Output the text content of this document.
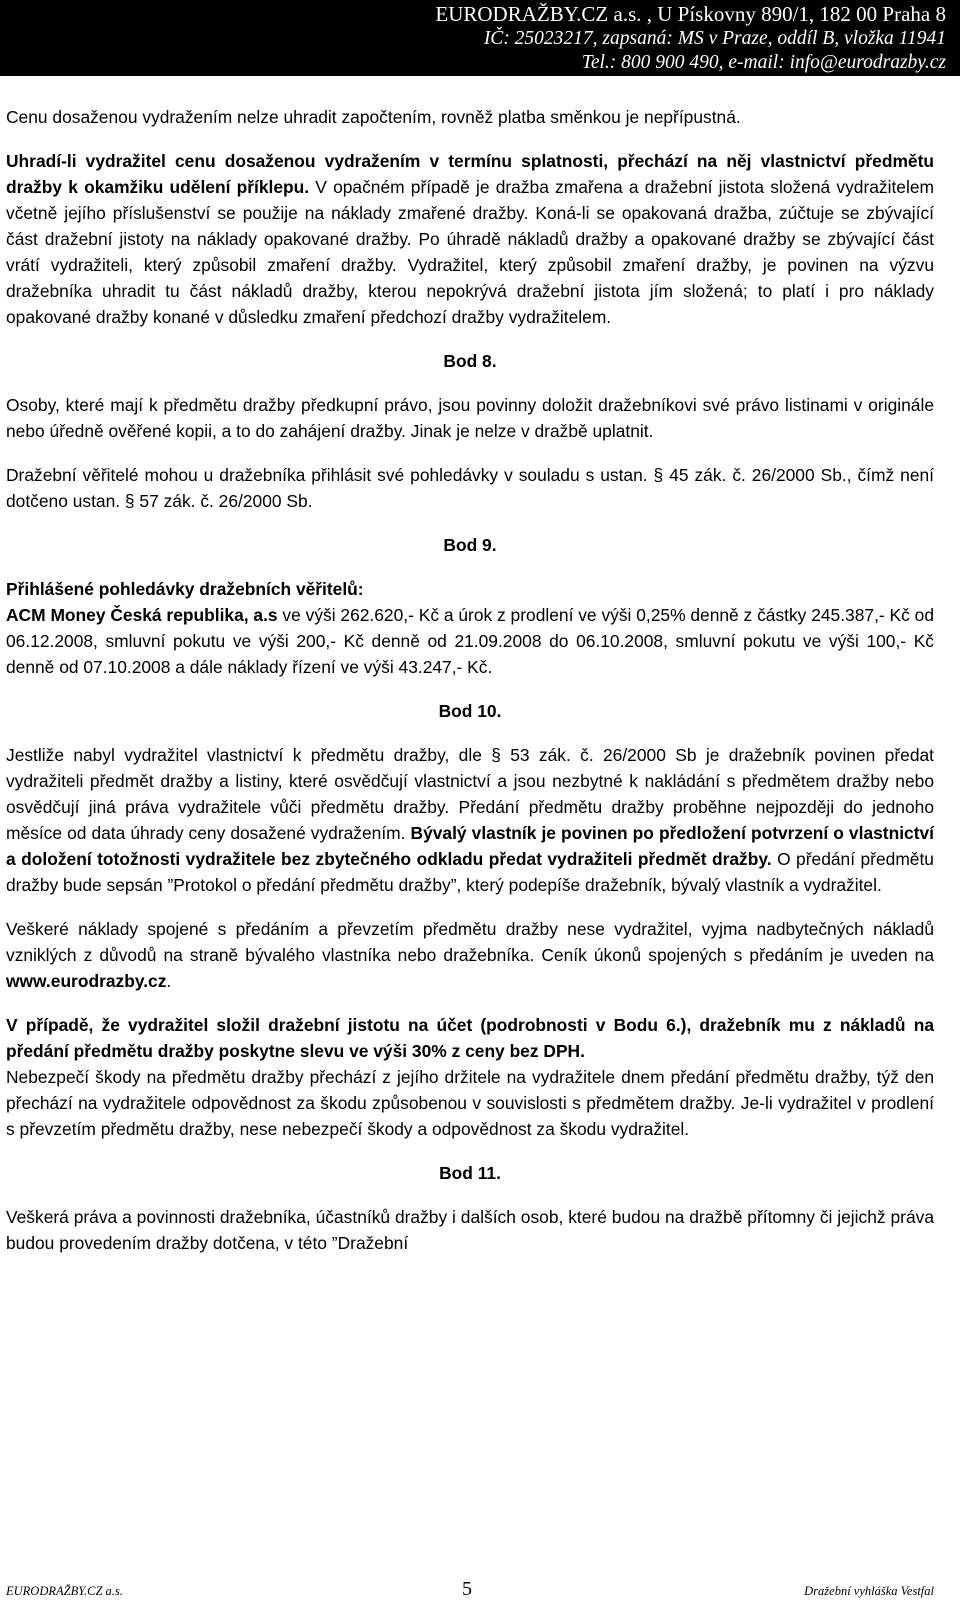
EURODRAŽBY.CZ a.s. , U Pískovny 890/1, 182 00 Praha 8
IČ: 25023217, zapsaná: MS v Praze, oddíl B, vložka 11941
Tel.: 800 900 490, e-mail: info@eurodrazby.cz

Cenu dosaženou vydražením nelze uhradit započtením, rovněž platba směnkou je nepřípustná.

Uhradí-li vydražitel cenu dosaženou vydražením v termínu splatnosti, přechází na něj vlastnictví předmětu dražby k okamžiku udělení příklepu. V opačném případě je dražba zmařena a dražební jistota složená vydražitelem včetně jejího příslušenství se použije na náklady zmařené dražby. Koná-li se opakovaná dražba, zúčtuje se zbývající část dražební jistoty na náklady opakované dražby. Po úhradě nákladů dražby a opakované dražby se zbývající část vrátí vydražiteli, který způsobil zmaření dražby. Vydražitel, který způsobil zmaření dražby, je povinen na výzvu dražebníka uhradit tu část nákladů dražby, kterou nepokrývá dražební jistota jím složená; to platí i pro náklady opakované dražby konané v důsledku zmaření předchozí dražby vydražitelem.

Bod 8.

Osoby, které mají k předmětu dražby předkupní právo, jsou povinny doložit dražebníkovi své právo listinami v originále nebo úředně ověřené kopii, a to do zahájení dražby. Jinak je nelze v dražbě uplatnit.

Dražební věřitelé mohou u dražebníka přihlásit své pohledávky v souladu s ustan. § 45 zák. č. 26/2000 Sb., čímž není dotčeno ustan. § 57 zák. č. 26/2000 Sb.

Bod 9.

Přihlášené pohledávky dražebních věřitelů:

ACM Money Česká republika, a.s ve výši 262.620,- Kč a úrok z prodlení ve výši 0,25% denně z částky 245.387,- Kč od 06.12.2008, smluvní pokutu ve výši 200,- Kč denně od 21.09.2008 do 06.10.2008, smluvní pokutu ve výši 100,- Kč denně od 07.10.2008 a dále náklady řízení ve výši 43.247,- Kč.

Bod 10.

Jestliže nabyl vydražitel vlastnictví k předmětu dražby, dle § 53 zák. č. 26/2000 Sb je dražebník povinen předat vydražiteli předmět dražby a listiny, které osvědčují vlastnictví a jsou nezbytné k nakládání s předmětem dražby nebo osvědčují jiná práva vydražitele vůči předmětu dražby. Předání předmětu dražby proběhne nejpozději do jednoho měsíce od data úhrady ceny dosažené vydražením. Bývalý vlastník je povinen po předložení potvrzení o vlastnictví a doložení totožnosti vydražitele bez zbytečného odkladu předat vydražiteli předmět dražby. O předání předmětu dražby bude sepsán ”Protokol o předání předmětu dražby”, který podepíše dražebník, bývalý vlastník a vydražitel.

Veškeré náklady spojené s předáním a převzetím předmětu dražby nese vydražitel, vyjma nadbytečných nákladů vzniklých z důvodů na straně bývalého vlastníka nebo dražebníka. Ceník úkonů spojených s předáním je uveden na www.eurodrazby.cz.

V případě, že vydražitel složil dražební jistotu na účet (podrobnosti v Bodu 6.), dražebník mu z nákladů na předání předmětu dražby poskytne slevu ve výši 30% z ceny bez DPH.

Nebezpečí škody na předmětu dražby přechází z jejího držitele na vydražitele dnem předání předmětu dražby, týž den přechází na vydražitele odpovědnost za škodu způsobenou v souvislosti s předmětem dražby. Je-li vydražitel v prodlení s převzetím předmětu dražby, nese nebezpečí škody a odpovědnost za škodu vydražitel.

Bod 11.

Veškerá práva a povinnosti dražebníka, účastníků dražby i dalších osob, které budou na dražbě přítomny či jejichž práva budou provedením dražby dotčena, v této ”Dražební

EURODRAŽBY.CZ a.s.	5	Dražební vyhláška Vestfal
